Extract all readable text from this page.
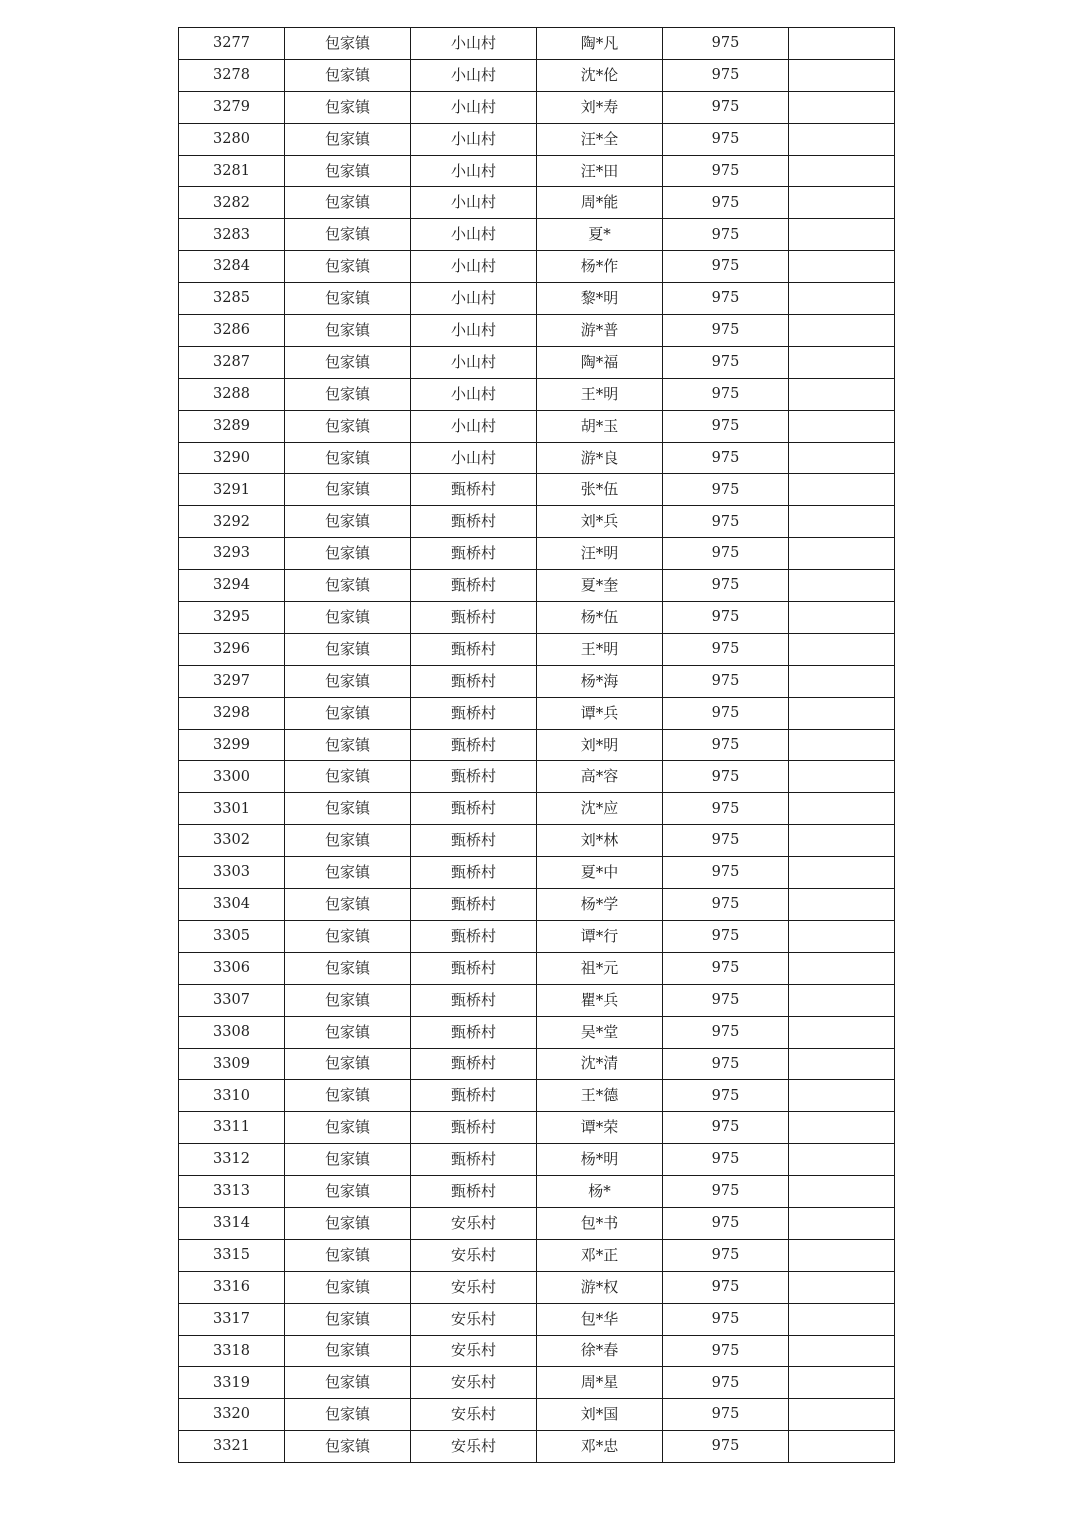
3277	包家镇	小山村	陶*凡	975	
3278	包家镇	小山村	沈*伦	975	
3279	包家镇	小山村	刘*寿	975	
3280	包家镇	小山村	汪*全	975	
3281	包家镇	小山村	汪*田	975	
3282	包家镇	小山村	周*能	975	
3283	包家镇	小山村	夏*	975	
3284	包家镇	小山村	杨*作	975	
3285	包家镇	小山村	黎*明	975	
3286	包家镇	小山村	游*普	975	
3287	包家镇	小山村	陶*福	975	
3288	包家镇	小山村	王*明	975	
3289	包家镇	小山村	胡*玉	975	
3290	包家镇	小山村	游*良	975	
3291	包家镇	甄桥村	张*伍	975	
3292	包家镇	甄桥村	刘*兵	975	
3293	包家镇	甄桥村	汪*明	975	
3294	包家镇	甄桥村	夏*奎	975	
3295	包家镇	甄桥村	杨*伍	975	
3296	包家镇	甄桥村	王*明	975	
3297	包家镇	甄桥村	杨*海	975	
3298	包家镇	甄桥村	谭*兵	975	
3299	包家镇	甄桥村	刘*明	975	
3300	包家镇	甄桥村	高*容	975	
3301	包家镇	甄桥村	沈*应	975	
3302	包家镇	甄桥村	刘*林	975	
3303	包家镇	甄桥村	夏*中	975	
3304	包家镇	甄桥村	杨*学	975	
3305	包家镇	甄桥村	谭*行	975	
3306	包家镇	甄桥村	祖*元	975	
3307	包家镇	甄桥村	瞿*兵	975	
3308	包家镇	甄桥村	吴*堂	975	
3309	包家镇	甄桥村	沈*清	975	
3310	包家镇	甄桥村	王*德	975	
3311	包家镇	甄桥村	谭*荣	975	
3312	包家镇	甄桥村	杨*明	975	
3313	包家镇	甄桥村	杨*	975	
3314	包家镇	安乐村	包*书	975	
3315	包家镇	安乐村	邓*正	975	
3316	包家镇	安乐村	游*权	975	
3317	包家镇	安乐村	包*华	975	
3318	包家镇	安乐村	徐*春	975	
3319	包家镇	安乐村	周*星	975	
3320	包家镇	安乐村	刘*国	975	
3321	包家镇	安乐村	邓*忠	975	
